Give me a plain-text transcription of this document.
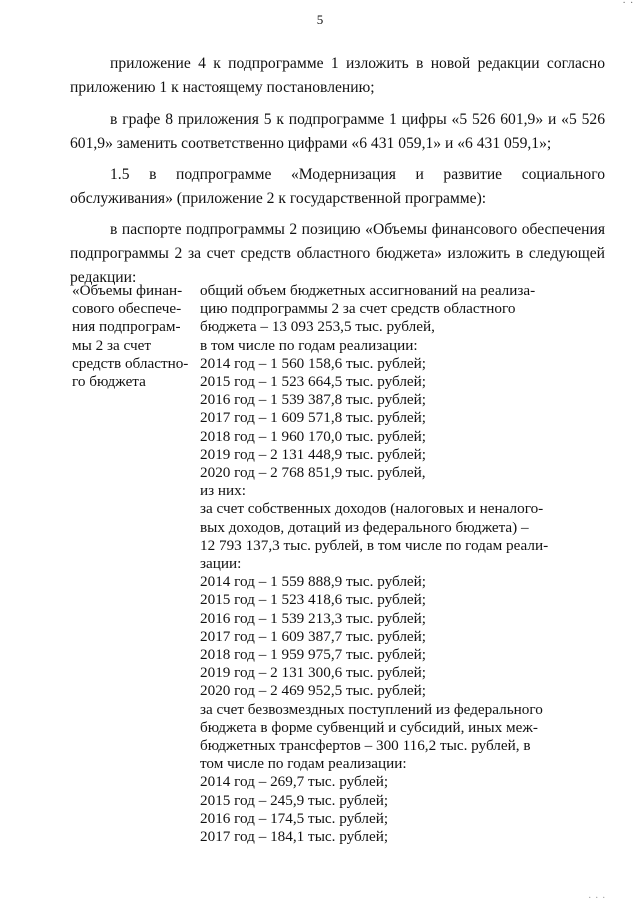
. .
5

приложение 4 к подпрограмме 1 изложить в новой редакции согласно приложению 1 к настоящему постановлению;

в графе 8 приложения 5 к подпрограмме 1 цифры «5 526 601,9» и «5 526 601,9» заменить соответственно цифрами «6 431 059,1» и «6 431 059,1»;

1.5 в подпрограмме «Модернизация и развитие социального обслуживания» (приложение 2 к государственной программе):

в паспорте подпрограммы 2 позицию «Объемы финансового обеспечения подпрограммы 2 за счет средств областного бюджета» изложить в следующей редакции:

«Объемы финан-
сового обеспече-
ния подпрограм-
мы 2 за счет
средств областно-
го бюджета
общий объем бюджетных ассигнований на реализа-
цию подпрограммы 2 за счет средств областного
бюджета – 13 093 253,5 тыс. рублей,
в том числе по годам реализации:
2014 год – 1 560 158,6 тыс. рублей;
2015 год – 1 523 664,5 тыс. рублей;
2016 год – 1 539 387,8 тыс. рублей;
2017 год – 1 609 571,8 тыс. рублей;
2018 год – 1 960 170,0 тыс. рублей;
2019 год – 2 131 448,9 тыс. рублей;
2020 год – 2 768 851,9 тыс. рублей,
из них:
за счет собственных доходов (налоговых и неналого-
вых доходов, дотаций из федерального бюджета) –
12 793 137,3 тыс. рублей, в том числе по годам реали-
зации:
2014 год – 1 559 888,9 тыс. рублей;
2015 год – 1 523 418,6 тыс. рублей;
2016 год – 1 539 213,3 тыс. рублей;
2017 год – 1 609 387,7 тыс. рублей;
2018 год – 1 959 975,7 тыс. рублей;
2019 год – 2 131 300,6 тыс. рублей;
2020 год – 2 469 952,5 тыс. рублей;
за счет безвозмездных поступлений из федерального
бюджета в форме субвенций и субсидий, иных меж-
бюджетных трансфертов – 300 116,2 тыс. рублей, в
том числе по годам реализации:
2014 год – 269,7 тыс. рублей;
2015 год – 245,9 тыс. рублей;
2016 год – 174,5 тыс. рублей;
2017 год – 184,1 тыс. рублей;
. . .
